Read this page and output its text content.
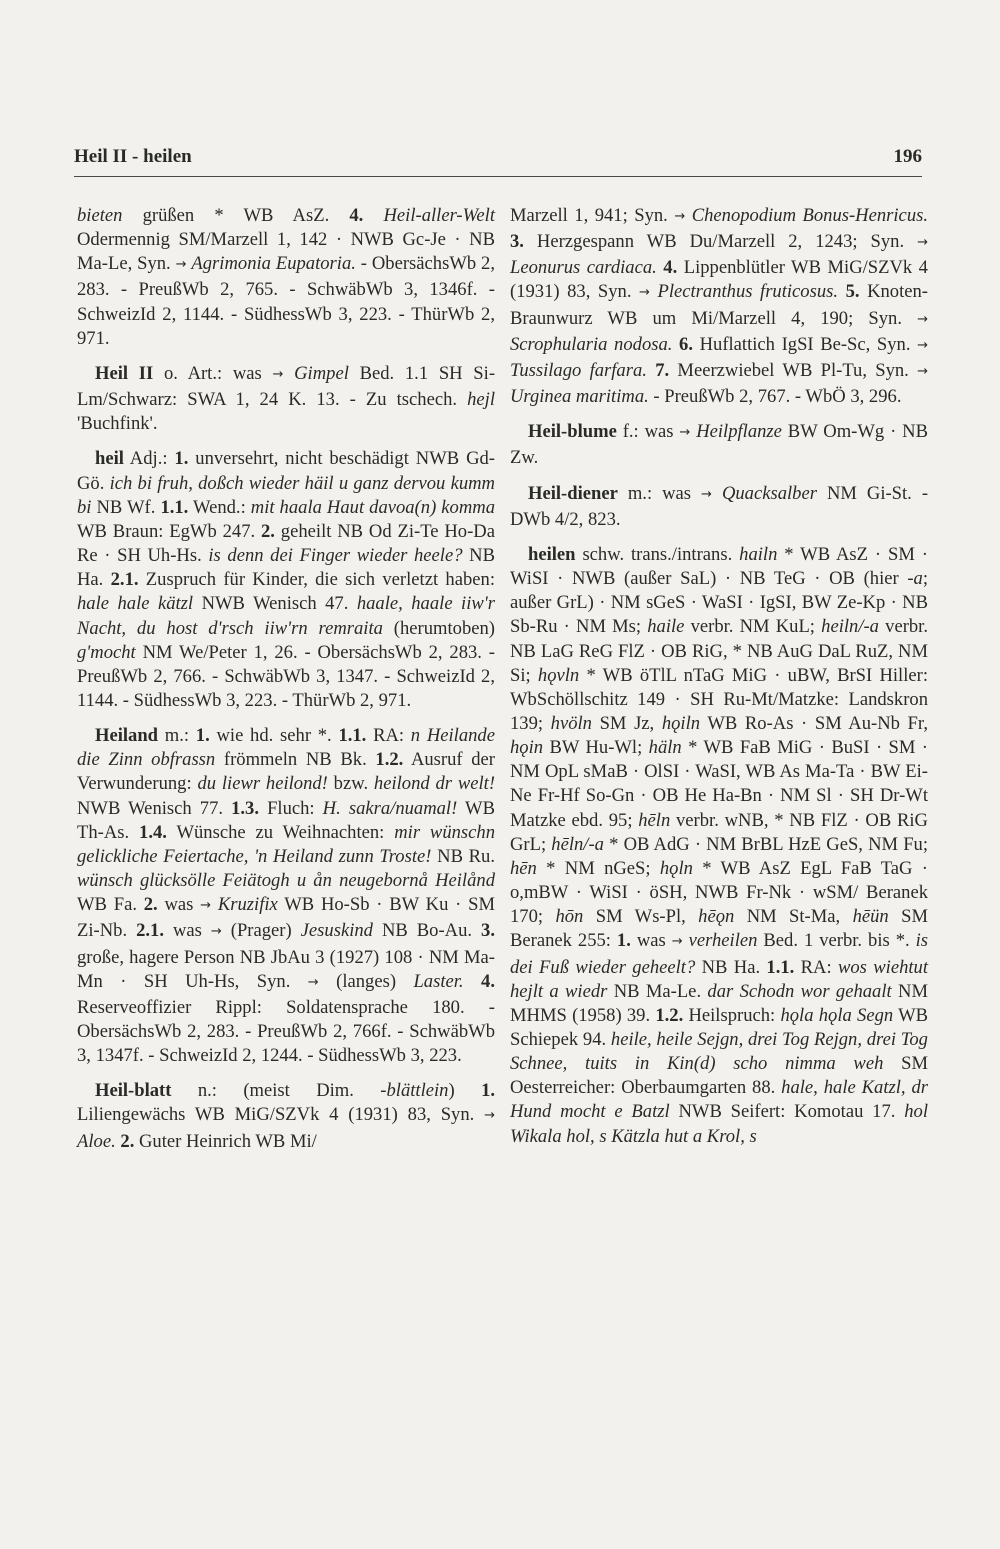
Heil II - heilen	196

bieten grüßen * WB AsZ. 4. Heil-aller-Welt Odermennig SM/Marzell 1, 142 · NWB Gc-Je · NB Ma-Le, Syn. → Agrimonia Eupatoria. - ObersächsWb 2, 283. - PreußWb 2, 765. - SchwäbWb 3, 1346f. - SchweizId 2, 1144. - SüdhessWb 3, 223. - ThürWb 2, 971.

Heil II o. Art.: was → Gimpel Bed. 1.1 SH Si-Lm/Schwarz: SWA 1, 24 K. 13. - Zu tschech. hejl 'Buchfink'.

heil Adj.: 1. unversehrt, nicht beschädigt NWB Gd-Gö. ich bi fruh, doßch wieder häil u ganz dervou kumm bi NB Wf. 1.1. Wend.: mit haala Haut davoa(n) komma WB Braun: EgWb 247. 2. geheilt NB Od Zi-Te Ho-Da Re · SH Uh-Hs. is denn dei Finger wieder heele? NB Ha. 2.1. Zuspruch für Kinder, die sich verletzt haben: hale hale kätzl NWB Wenisch 47. haale, haale iiw'r Nacht, du host d'rsch iiw'rn remraita (herumtoben) g'mocht NM We/Peter 1, 26. - ObersächsWb 2, 283. - PreußWb 2, 766. - SchwäbWb 3, 1347. - SchweizId 2, 1144. - SüdhessWb 3, 223. - ThürWb 2, 971.

Heiland m.: 1. wie hd. sehr *. 1.1. RA: n Heilande die Zinn obfrassn frömmeln NB Bk. 1.2. Ausruf der Verwunderung: du liewr heilond! bzw. heilond dr welt! NWB Wenisch 77. 1.3. Fluch: H. sakra/nuamal! WB Th-As. 1.4. Wünsche zu Weihnachten: mir wünschn gelickliche Feiertache, 'n Heiland zunn Troste! NB Ru. wünsch glücksölle Feiätogh u ån neugebornå Heilånd WB Fa. 2. was → Kruzifix WB Ho-Sb · BW Ku · SM Zi-Nb. 2.1. was → (Prager) Jesuskind NB Bo-Au. 3. große, hagere Person NB JbAu 3 (1927) 108 · NM Ma-Mn · SH Uh-Hs, Syn. → (langes) Laster. 4. Reserveoffizier Rippl: Soldatensprache 180. - ObersächsWb 2, 283. - PreußWb 2, 766f. - SchwäbWb 3, 1347f. - SchweizId 2, 1244. - SüdhessWb 3, 223.

Heil-blatt n.: (meist Dim. -blättlein) 1. Liliengewächs WB MiG/SZVk 4 (1931) 83, Syn. → Aloe. 2. Guter Heinrich WB Mi/

Marzell 1, 941; Syn. → Chenopodium Bonus-Henricus. 3. Herzgespann WB Du/Marzell 2, 1243; Syn. → Leonurus cardiaca. 4. Lippenblütler WB MiG/SZVk 4 (1931) 83, Syn. → Plectranthus fruticosus. 5. Knoten-Braunwurz WB um Mi/Marzell 4, 190; Syn. → Scrophularia nodosa. 6. Huflattich IgSI Be-Sc, Syn. → Tussilago farfara. 7. Meerzwiebel WB Pl-Tu, Syn. → Urginea maritima. - PreußWb 2, 767. - WbÖ 3, 296.

Heil-blume f.: was → Heilpflanze BW Om-Wg · NB Zw.

Heil-diener m.: was → Quacksalber NM Gi-St. - DWb 4/2, 823.

heilen schw. trans./intrans. hailn * WB AsZ · SM · WiSI · NWB (außer SaL) · NB TeG · OB (hier -a; außer GrL) · NM sGeS · WaSI · IgSI, BW Ze-Kp · NB Sb-Ru · NM Ms; haile verbr. NM KuL; heiln/-a verbr. NB LaG ReG FlZ · OB RiG, * NB AuG DaL RuZ, NM Si; hǫvln * WB öTlL nTaG MiG · uBW, BrSI Hiller: WbSchöllschitz 149 · SH Ru-Mt/Matzke: Landskron 139; hvöln SM Jz, hǫiln WB Ro-As · SM Au-Nb Fr, hǫin BW Hu-Wl; häln * WB FaB MiG · BuSI · SM · NM OpL sMaB · OlSI · WaSI, WB As Ma-Ta · BW Ei-Ne Fr-Hf So-Gn · OB He Ha-Bn · NM Sl · SH Dr-Wt Matzke ebd. 95; hēln verbr. wNB, * NB FlZ · OB RiG GrL; hēln/-a * OB AdG · NM BrBL HzE GeS, NM Fu; hēn * NM nGeS; hǫln * WB AsZ EgL FaB TaG · o,mBW · WiSI · öSH, NWB Fr-Nk · wSM/ Beranek 170; hōn SM Ws-Pl, hēǫn NM St-Ma, hēün SM Beranek 255: 1. was → verheilen Bed. 1 verbr. bis *. is dei Fuß wieder geheelt? NB Ha. 1.1. RA: wos wiehtut hejlt a wiedr NB Ma-Le. dar Schodn wor gehaalt NM MHMS (1958) 39. 1.2. Heilspruch: hǫla hǫla Segn WB Schiepek 94. heile, heile Sejgn, drei Tog Rejgn, drei Tog Schnee, tuits in Kin(d) scho nimma weh SM Oesterreicher: Oberbaumgarten 88. hale, hale Katzl, dr Hund mocht e Batzl NWB Seifert: Komotau 17. hol Wikala hol, s Kätzla hut a Krol, s
